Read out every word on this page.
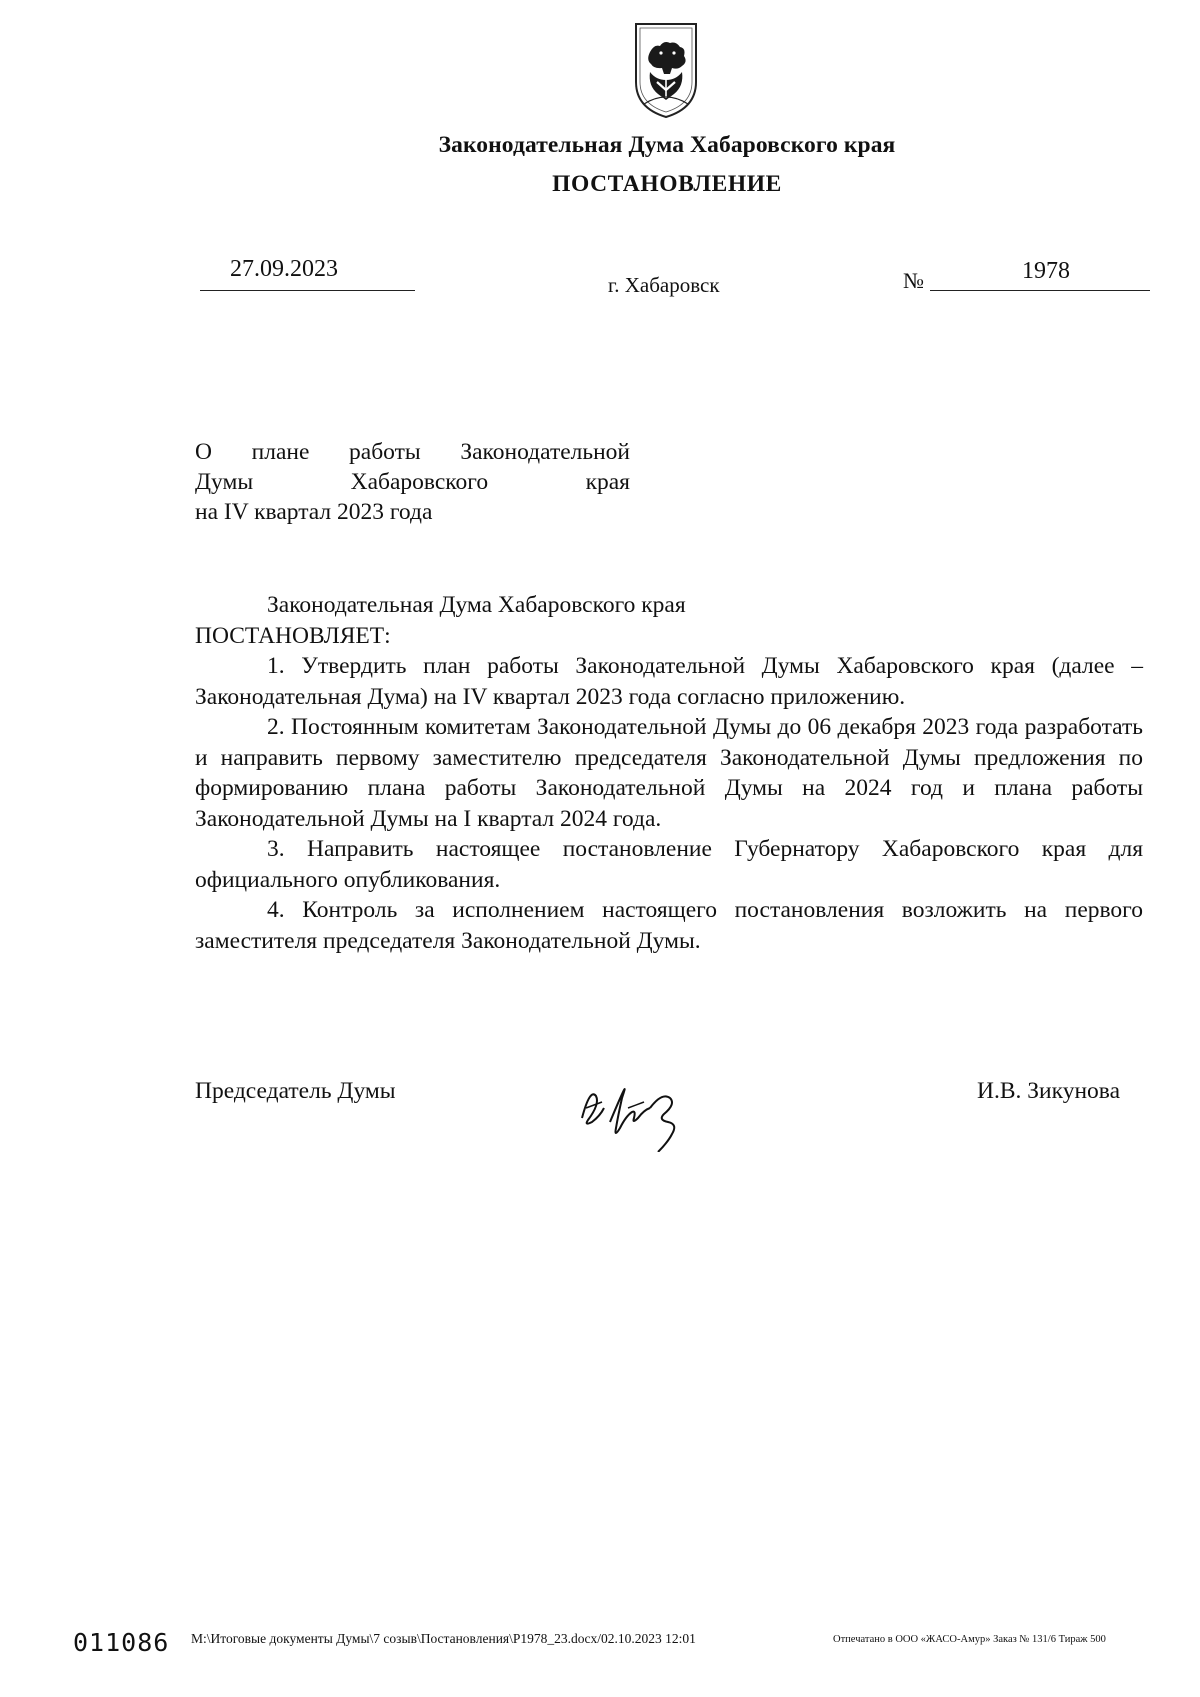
Законодательная Дума Хабаровского края
ПОСТАНОВЛЕНИЕ
27.09.2023
г. Хабаровск	№	1978
О плане работы Законодательной
Думы Хабаровского края
на IV квартал 2023 года
Законодательная Дума Хабаровского края
ПОСТАНОВЛЯЕТ:

1. Утвердить план работы Законодательной Думы Хабаровского края (далее – Законодательная Дума) на IV квартал 2023 года согласно приложению.

2. Постоянным комитетам Законодательной Думы до 06 декабря 2023 года разработать и направить первому заместителю председателя Законодательной Думы предложения по формированию плана работы Законодательной Думы на 2024 год и плана работы Законодательной Думы на I квартал 2024 года.

3. Направить настоящее постановление Губернатору Хабаровского края для официального опубликования.

4. Контроль за исполнением настоящего постановления возложить на первого заместителя председателя Законодательной Думы.

Председатель Думы	И.В. Зикунова
011086 M:\Итоговые документы Думы\7 созыв\Постановления\P1978_23.docx/02.10.2023 12:01	Отпечатано в ООО «ЖАСО-Амур» Заказ № 131/6 Тираж 500
